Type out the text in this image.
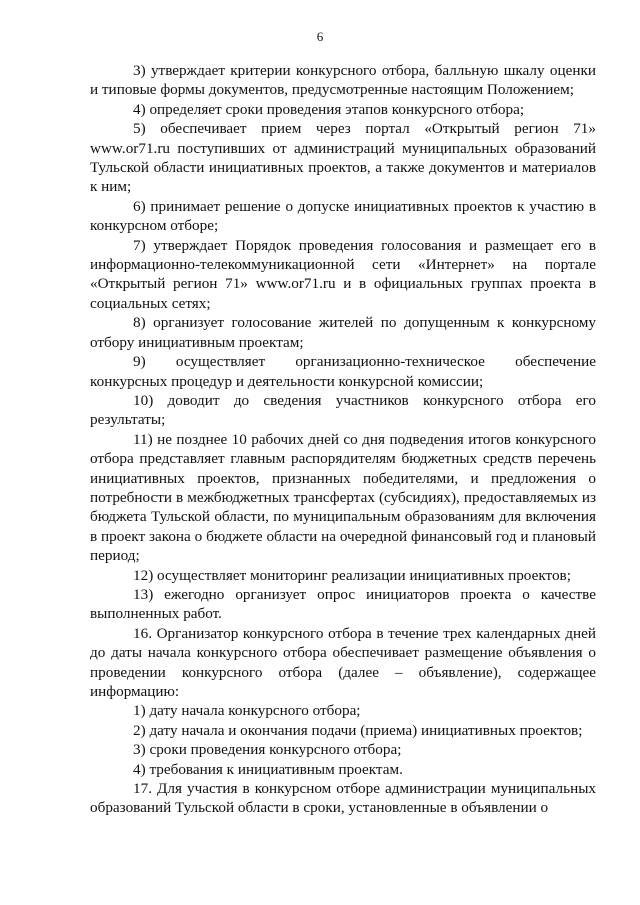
6

3) утверждает критерии конкурсного отбора, балльную шкалу оценки и типовые формы документов, предусмотренные настоящим Положением;

4) определяет сроки проведения этапов конкурсного отбора;

5) обеспечивает прием через портал «Открытый регион 71» www.or71.ru поступивших от администраций муниципальных образований Тульской области инициативных проектов, а также документов и материалов к ним;

6) принимает решение о допуске инициативных проектов к участию в конкурсном отборе;

7) утверждает Порядок проведения голосования и размещает его в информационно-телекоммуникационной сети «Интернет» на портале «Открытый регион 71» www.or71.ru и в официальных группах проекта в социальных сетях;

8) организует голосование жителей по допущенным к конкурсному отбору инициативным проектам;

9) осуществляет организационно-техническое обеспечение конкурсных процедур и деятельности конкурсной комиссии;

10) доводит до сведения участников конкурсного отбора его результаты;

11) не позднее 10 рабочих дней со дня подведения итогов конкурсного отбора представляет главным распорядителям бюджетных средств перечень инициативных проектов, признанных победителями, и предложения о потребности в межбюджетных трансфертах (субсидиях), предоставляемых из бюджета Тульской области, по муниципальным образованиям для включения в проект закона о бюджете области на очередной финансовый год и плановый период;

12) осуществляет мониторинг реализации инициативных проектов;

13) ежегодно организует опрос инициаторов проекта о качестве выполненных работ.

16. Организатор конкурсного отбора в течение трех календарных дней до даты начала конкурсного отбора обеспечивает размещение объявления о проведении конкурсного отбора (далее – объявление), содержащее информацию:

1) дату начала конкурсного отбора;

2) дату начала и окончания подачи (приема) инициативных проектов;

3) сроки проведения конкурсного отбора;

4) требования к инициативным проектам.

17. Для участия в конкурсном отборе администрации муниципальных образований Тульской области в сроки, установленные в объявлении о
